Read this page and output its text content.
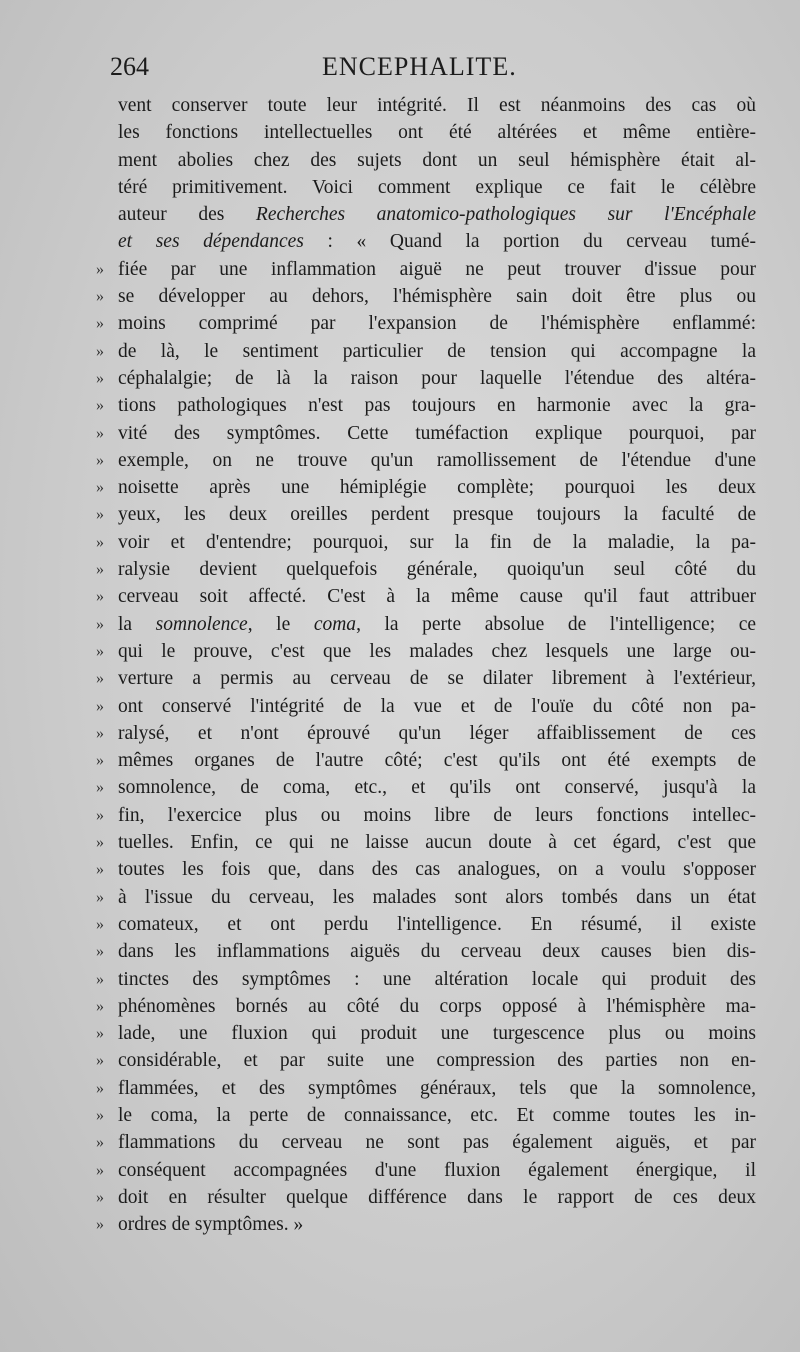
264	ENCEPHALITE.
vent conserver toute leur intégrité. Il est néanmoins des cas où
les fonctions intellectuelles ont été altérées et même entière-
ment abolies chez des sujets dont un seul hémisphère était al-
téré primitivement. Voici comment explique ce fait le célèbre
auteur des Recherches anatomico-pathologiques sur l'Encéphale
et ses dépendances : « Quand la portion du cerveau tumé-
» fiée par une inflammation aiguë ne peut trouver d'issue pour
» se développer au dehors, l'hémisphère sain doit être plus ou
» moins comprimé par l'expansion de l'hémisphère enflammé:
» de là, le sentiment particulier de tension qui accompagne la
» céphalalgie; de là la raison pour laquelle l'étendue des altéra-
» tions pathologiques n'est pas toujours en harmonie avec la gra-
» vité des symptômes. Cette tuméfaction explique pourquoi, par
» exemple, on ne trouve qu'un ramollissement de l'étendue d'une
» noisette après une hémiplégie complète; pourquoi les deux
» yeux, les deux oreilles perdent presque toujours la faculté de
» voir et d'entendre; pourquoi, sur la fin de la maladie, la pa-
» ralysie devient quelquefois générale, quoiqu'un seul côté du
» cerveau soit affecté. C'est à la même cause qu'il faut attribuer
» la somnolence, le coma, la perte absolue de l'intelligence; ce
» qui le prouve, c'est que les malades chez lesquels une large ou-
» verture a permis au cerveau de se dilater librement à l'extérieur,
» ont conservé l'intégrité de la vue et de l'ouïe du côté non pa-
» ralysé, et n'ont éprouvé qu'un léger affaiblissement de ces
» mêmes organes de l'autre côté; c'est qu'ils ont été exempts de
» somnolence, de coma, etc., et qu'ils ont conservé, jusqu'à la
» fin, l'exercice plus ou moins libre de leurs fonctions intellec-
» tuelles. Enfin, ce qui ne laisse aucun doute à cet égard, c'est que
» toutes les fois que, dans des cas analogues, on a voulu s'opposer
» à l'issue du cerveau, les malades sont alors tombés dans un état
» comateux, et ont perdu l'intelligence. En résumé, il existe
» dans les inflammations aiguës du cerveau deux causes bien dis-
» tinctes des symptômes : une altération locale qui produit des
» phénomènes bornés au côté du corps opposé à l'hémisphère ma-
» lade, une fluxion qui produit une turgescence plus ou moins
» considérable, et par suite une compression des parties non en-
» flammées, et des symptômes généraux, tels que la somnolence,
» le coma, la perte de connaissance, etc. Et comme toutes les in-
» flammations du cerveau ne sont pas également aiguës, et par
» conséquent accompagnées d'une fluxion également énergique, il
» doit en résulter quelque différence dans le rapport de ces deux
» ordres de symptômes. »
